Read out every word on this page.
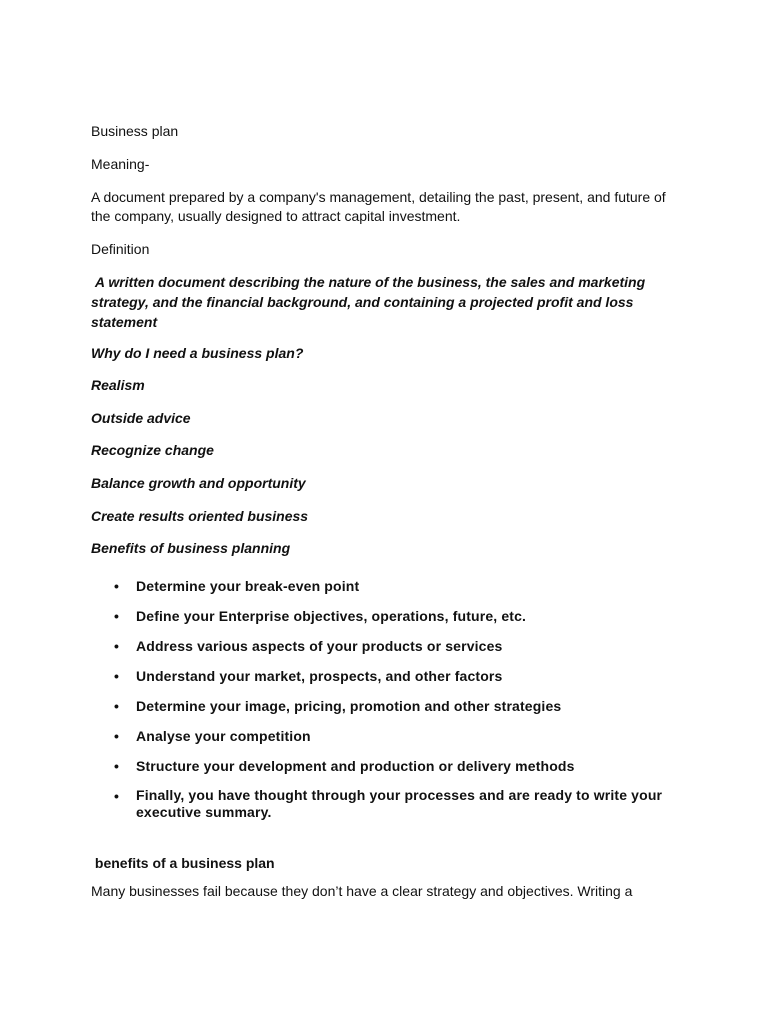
Business plan

Meaning-

A document prepared by a company's management, detailing the past, present, and future of the company, usually designed to attract capital investment.

Definition

A written document describing the nature of the business, the sales and marketing strategy, and the financial background, and containing a projected profit and loss statement

Why do I need a business plan?

Realism

Outside advice

Recognize change

Balance growth and opportunity

Create results oriented business

Benefits of business planning

• Determine your break-even point
• Define your Enterprise objectives, operations, future, etc.
• Address various aspects of your products or services
• Understand your market, prospects, and other factors
• Determine your image, pricing, promotion and other strategies
• Analyse your competition
• Structure your development and production or delivery methods
• Finally, you have thought through your processes and are ready to write your executive summary.

benefits of a business plan

Many businesses fail because they don’t have a clear strategy and objectives. Writing a
